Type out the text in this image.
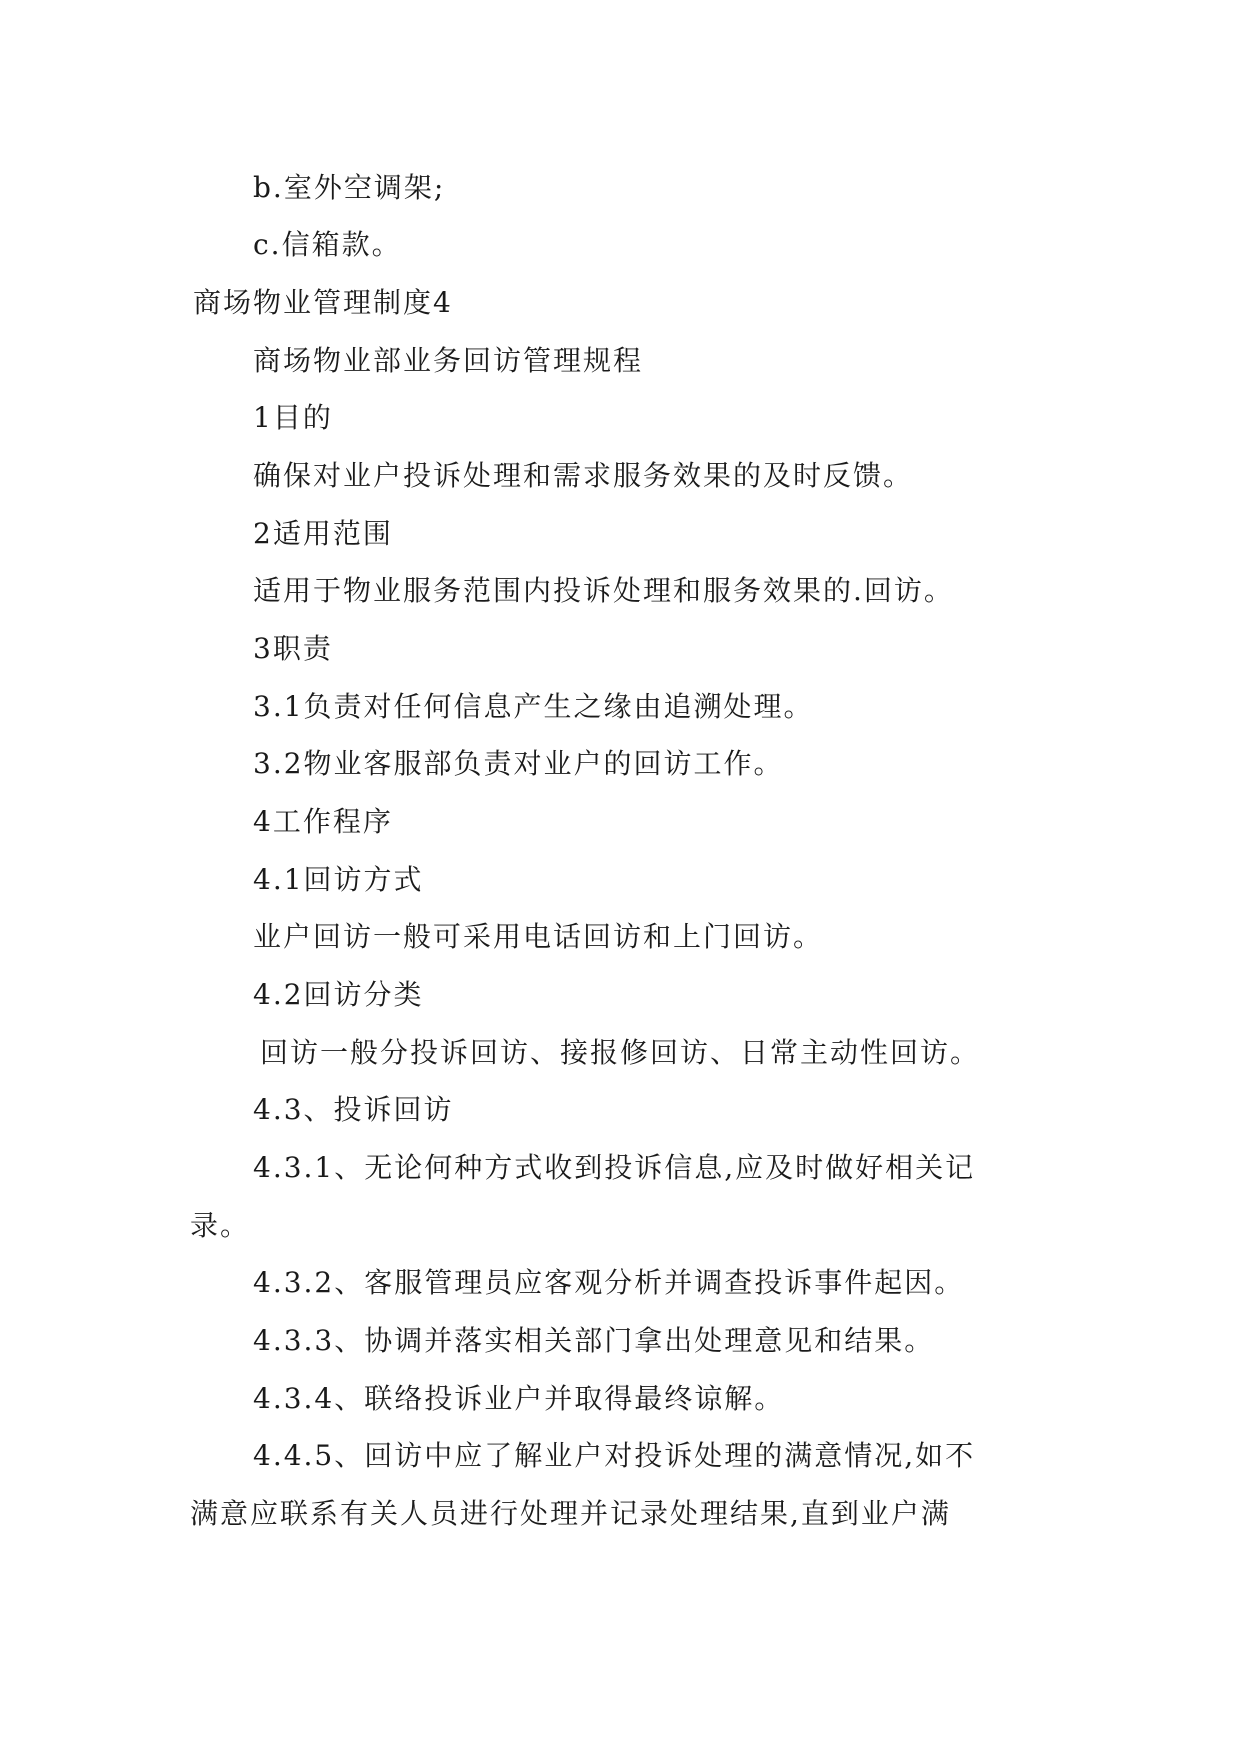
b.室外空调架;
c.信箱款。
商场物业管理制度4
商场物业部业务回访管理规程
1目的
确保对业户投诉处理和需求服务效果的及时反馈。
2适用范围
适用于物业服务范围内投诉处理和服务效果的.回访。
3职责
3.1负责对任何信息产生之缘由追溯处理。
3.2物业客服部负责对业户的回访工作。
4工作程序
4.1回访方式
业户回访一般可采用电话回访和上门回访。
4.2回访分类
回访一般分投诉回访、接报修回访、日常主动性回访。
4.3、投诉回访
4.3.1、无论何种方式收到投诉信息,应及时做好相关记
录。
4.3.2、客服管理员应客观分析并调查投诉事件起因。
4.3.3、协调并落实相关部门拿出处理意见和结果。
4.3.4、联络投诉业户并取得最终谅解。
4.4.5、回访中应了解业户对投诉处理的满意情况,如不
满意应联系有关人员进行处理并记录处理结果,直到业户满
